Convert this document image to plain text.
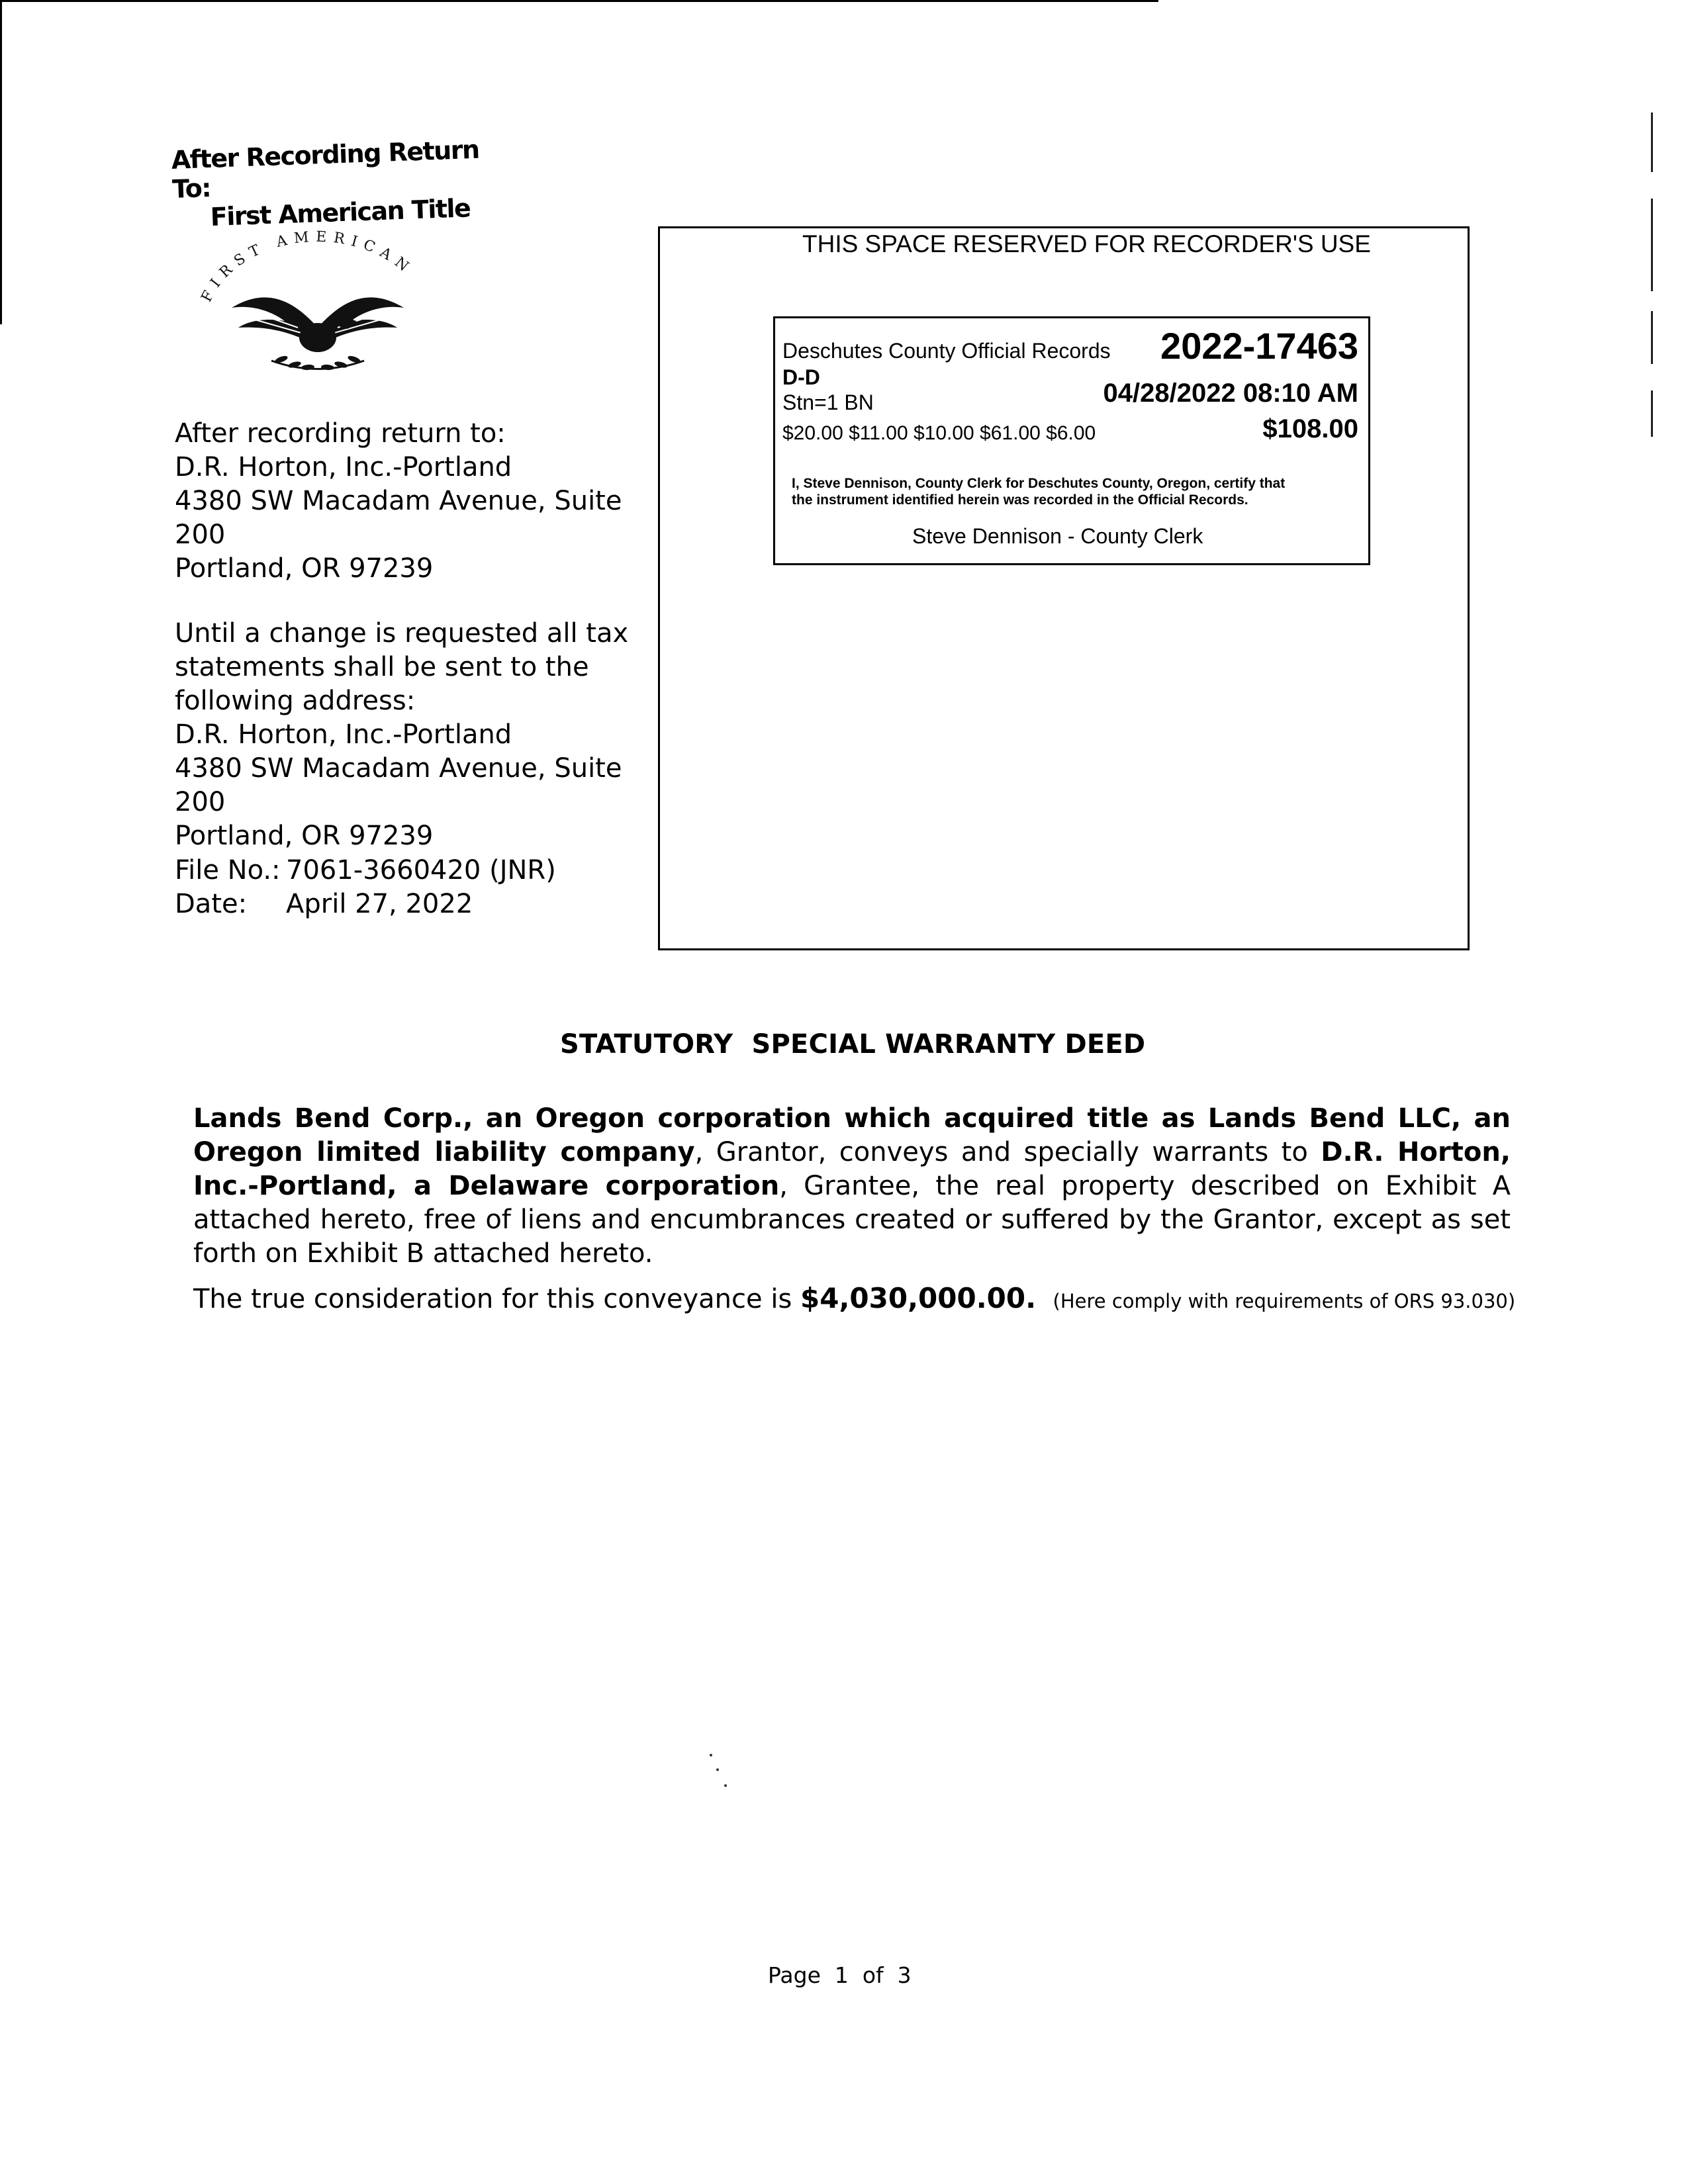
After Recording Return To:
First American Title
FIRST AMERICAN
After recording return to:
D.R. Horton, Inc.-Portland
4380 SW Macadam Avenue, Suite
200
Portland, OR 97239
Until a change is requested all tax
statements shall be sent to the
following address:
D.R. Horton, Inc.-Portland
4380 SW Macadam Avenue, Suite 200
Portland, OR 97239
File No.: 7061-3660420 (JNR)
Date:	April 27, 2022
THIS SPACE RESERVED FOR RECORDER'S USE
Deschutes County Official Records 2022-17463
D-D
04/28/2022 08:10 AM
Stn=1 BN
$20.00 $11.00 $10.00 $61.00 $6.00	$108.00
I, Steve Dennison, County Clerk for Deschutes County, Oregon, certify that the instrument identified herein was recorded in the Official Records.
Steve Dennison - County Clerk
STATUTORY  SPECIAL WARRANTY DEED
Lands Bend Corp., an Oregon corporation which acquired title as Lands Bend LLC, an Oregon limited liability company, Grantor, conveys and specially warrants to D.R. Horton, Inc.-Portland, a Delaware corporation, Grantee, the real property described on Exhibit A attached hereto, free of liens and encumbrances created or suffered by the Grantor, except as set forth on Exhibit B attached hereto.
The true consideration for this conveyance is $4,030,000.00. (Here comply with requirements of ORS 93.030)
Page  1  of  3
